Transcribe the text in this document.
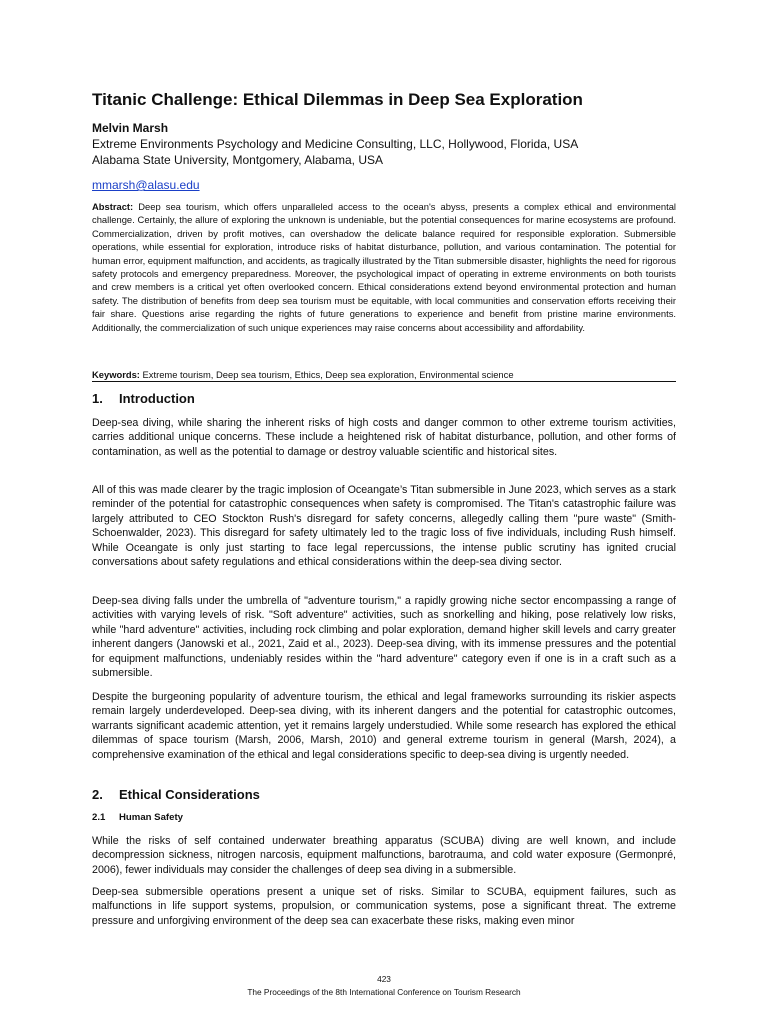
Titanic Challenge: Ethical Dilemmas in Deep Sea Exploration
Melvin Marsh
Extreme Environments Psychology and Medicine Consulting, LLC, Hollywood, Florida, USA
Alabama State University, Montgomery, Alabama, USA
mmarsh@alasu.edu

Abstract: Deep sea tourism, which offers unparalleled access to the ocean's abyss, presents a complex ethical and environmental challenge. Certainly, the allure of exploring the unknown is undeniable, but the potential consequences for marine ecosystems are profound. Commercialization, driven by profit motives, can overshadow the delicate balance required for responsible exploration. Submersible operations, while essential for exploration, introduce risks of habitat disturbance, pollution, and various contamination. The potential for human error, equipment malfunction, and accidents, as tragically illustrated by the Titan submersible disaster, highlights the need for rigorous safety protocols and emergency preparedness. Moreover, the psychological impact of operating in extreme environments on both tourists and crew members is a critical yet often overlooked concern. Ethical considerations extend beyond environmental protection and human safety. The distribution of benefits from deep sea tourism must be equitable, with local communities and conservation efforts receiving their fair share. Questions arise regarding the rights of future generations to experience and benefit from pristine marine environments. Additionally, the commercialization of such unique experiences may raise concerns about accessibility and affordability.

Keywords: Extreme tourism, Deep sea tourism, Ethics, Deep sea exploration, Environmental science
1. Introduction

Deep-sea diving, while sharing the inherent risks of high costs and danger common to other extreme tourism activities, carries additional unique concerns. These include a heightened risk of habitat disturbance, pollution, and other forms of contamination, as well as the potential to damage or destroy valuable scientific and historical sites.

All of this was made clearer by the tragic implosion of Oceangate’s Titan submersible in June 2023, which serves as a stark reminder of the potential for catastrophic consequences when safety is compromised. The Titan's catastrophic failure was largely attributed to CEO Stockton Rush's disregard for safety concerns, allegedly calling them "pure waste" (Smith-Schoenwalder, 2023). This disregard for safety ultimately led to the tragic loss of five individuals, including Rush himself. While Oceangate is only just starting to face legal repercussions, the intense public scrutiny has ignited crucial conversations about safety regulations and ethical considerations within the deep-sea diving sector.

Deep-sea diving falls under the umbrella of "adventure tourism," a rapidly growing niche sector encompassing a range of activities with varying levels of risk. "Soft adventure" activities, such as snorkelling and hiking, pose relatively low risks, while "hard adventure" activities, including rock climbing and polar exploration, demand higher skill levels and carry greater inherent dangers (Janowski et al., 2021, Zaid et al., 2023). Deep-sea diving, with its immense pressures and the potential for equipment malfunctions, undeniably resides within the "hard adventure" category even if one is in a craft such as a submersible.

Despite the burgeoning popularity of adventure tourism, the ethical and legal frameworks surrounding its riskier aspects remain largely underdeveloped. Deep-sea diving, with its inherent dangers and the potential for catastrophic outcomes, warrants significant academic attention, yet it remains largely understudied. While some research has explored the ethical dilemmas of space tourism (Marsh, 2006, Marsh, 2010) and general extreme tourism in general (Marsh, 2024), a comprehensive examination of the ethical and legal considerations specific to deep-sea diving is urgently needed.

2. Ethical Considerations
2.1 Human Safety

While the risks of self contained underwater breathing apparatus (SCUBA) diving are well known, and include decompression sickness, nitrogen narcosis, equipment malfunctions, barotrauma, and cold water exposure (Germonpré, 2006), fewer individuals may consider the challenges of deep sea diving in a submersible.

Deep-sea submersible operations present a unique set of risks. Similar to SCUBA, equipment failures, such as malfunctions in life support systems, propulsion, or communication systems, pose a significant threat. The extreme pressure and unforgiving environment of the deep sea can exacerbate these risks, making even minor

423
The Proceedings of the 8th International Conference on Tourism Research
